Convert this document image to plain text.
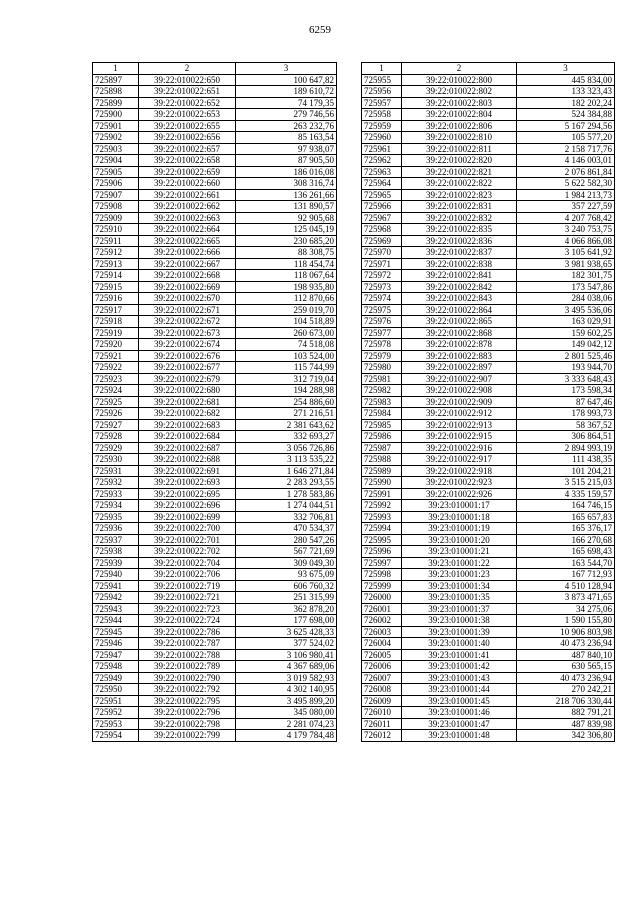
6259
1	2	3
725897	39:22:010022:650	100 647,82
725898	39:22:010022:651	189 610,72
725899	39:22:010022:652	74 179,35
725900	39:22:010022:653	279 746,56
725901	39:22:010022:655	263 232,76
725902	39:22:010022:656	85 163,54
725903	39:22:010022:657	97 938,07
725904	39:22:010022:658	87 905,50
725905	39:22:010022:659	186 016,08
725906	39:22:010022:660	308 316,74
725907	39:22:010022:661	136 261,66
725908	39:22:010022:662	131 890,57
725909	39:22:010022:663	92 905,68
725910	39:22:010022:664	125 045,19
725911	39:22:010022:665	230 685,20
725912	39:22:010022:666	88 308,75
725913	39:22:010022:667	118 454,74
725914	39:22:010022:668	118 067,64
725915	39:22:010022:669	198 935,80
725916	39:22:010022:670	112 870,66
725917	39:22:010022:671	259 019,70
725918	39:22:010022:672	104 518,89
725919	39:22:010022:673	260 673,00
725920	39:22:010022:674	74 518,08
725921	39:22:010022:676	103 524,00
725922	39:22:010022:677	115 744,99
725923	39:22:010022:679	312 719,04
725924	39:22:010022:680	194 288,98
725925	39:22:010022:681	254 886,60
725926	39:22:010022:682	271 216,51
725927	39:22:010022:683	2 381 643,62
725928	39:22:010022:684	332 693,27
725929	39:22:010022:687	3 056 726,86
725930	39:22:010022:688	3 113 535,22
725931	39:22:010022:691	1 646 271,84
725932	39:22:010022:693	2 283 293,55
725933	39:22:010022:695	1 278 583,86
725934	39:22:010022:696	1 274 044,51
725935	39:22:010022:699	332 706,81
725936	39:22:010022:700	470 534,37
725937	39:22:010022:701	280 547,26
725938	39:22:010022:702	567 721,69
725939	39:22:010022:704	309 049,30
725940	39:22:010022:706	93 675,09
725941	39:22:010022:719	606 760,32
725942	39:22:010022:721	251 315,99
725943	39:22:010022:723	362 878,20
725944	39:22:010022:724	177 698,00
725945	39:22:010022:786	3 625 428,33
725946	39:22:010022:787	377 524,02
725947	39:22:010022:788	3 106 980,41
725948	39:22:010022:789	4 367 689,06
725949	39:22:010022:790	3 019 582,93
725950	39:22:010022:792	4 302 140,95
725951	39:22:010022:795	3 495 899,20
725952	39:22:010022:796	345 080,00
725953	39:22:010022:798	2 281 074,23
725954	39:22:010022:799	4 179 784,48
1	2	3
725955	39:22:010022:800	445 834,00
725956	39:22:010022:802	133 323,43
725957	39:22:010022:803	182 202,24
725958	39:22:010022:804	524 384,88
725959	39:22:010022:806	5 167 294,56
725960	39:22:010022:810	105 577,20
725961	39:22:010022:811	2 158 717,76
725962	39:22:010022:820	4 146 003,01
725963	39:22:010022:821	2 076 861,84
725964	39:22:010022:822	5 622 582,30
725965	39:22:010022:823	1 984 213,73
725966	39:22:010022:831	357 227,59
725967	39:22:010022:832	4 207 768,42
725968	39:22:010022:835	3 240 753,75
725969	39:22:010022:836	4 066 866,08
725970	39:22:010022:837	3 105 641,92
725971	39:22:010022:838	3 981 938,65
725972	39:22:010022:841	182 301,75
725973	39:22:010022:842	173 547,86
725974	39:22:010022:843	284 038,06
725975	39:22:010022:864	3 495 536,06
725976	39:22:010022:865	163 029,91
725977	39:22:010022:868	159 602,25
725978	39:22:010022:878	149 042,12
725979	39:22:010022:883	2 801 525,46
725980	39:22:010022:897	193 944,70
725981	39:22:010022:907	3 333 648,43
725982	39:22:010022:908	173 598,34
725983	39:22:010022:909	87 647,46
725984	39:22:010022:912	178 993,73
725985	39:22:010022:913	58 367,52
725986	39:22:010022:915	306 864,51
725987	39:22:010022:916	2 894 993,19
725988	39:22:010022:917	111 438,35
725989	39:22:010022:918	101 204,21
725990	39:22:010022:923	3 515 215,03
725991	39:22:010022:926	4 335 159,57
725992	39:23:010001:17	164 746,15
725993	39:23:010001:18	165 657,83
725994	39:23:010001:19	165 376,17
725995	39:23:010001:20	166 270,68
725996	39:23:010001:21	165 698,43
725997	39:23:010001:22	163 544,70
725998	39:23:010001:23	167 712,93
725999	39:23:010001:34	4 510 128,94
726000	39:23:010001:35	3 873 471,65
726001	39:23:010001:37	34 275,06
726002	39:23:010001:38	1 590 155,80
726003	39:23:010001:39	10 906 803,98
726004	39:23:010001:40	40 473 236,94
726005	39:23:010001:41	487 840,10
726006	39:23:010001:42	630 565,15
726007	39:23:010001:43	40 473 236,94
726008	39:23:010001:44	270 242,21
726009	39:23:010001:45	218 706 330,44
726010	39:23:010001:46	882 791,21
726011	39:23:010001:47	487 839,98
726012	39:23:010001:48	342 306,80
